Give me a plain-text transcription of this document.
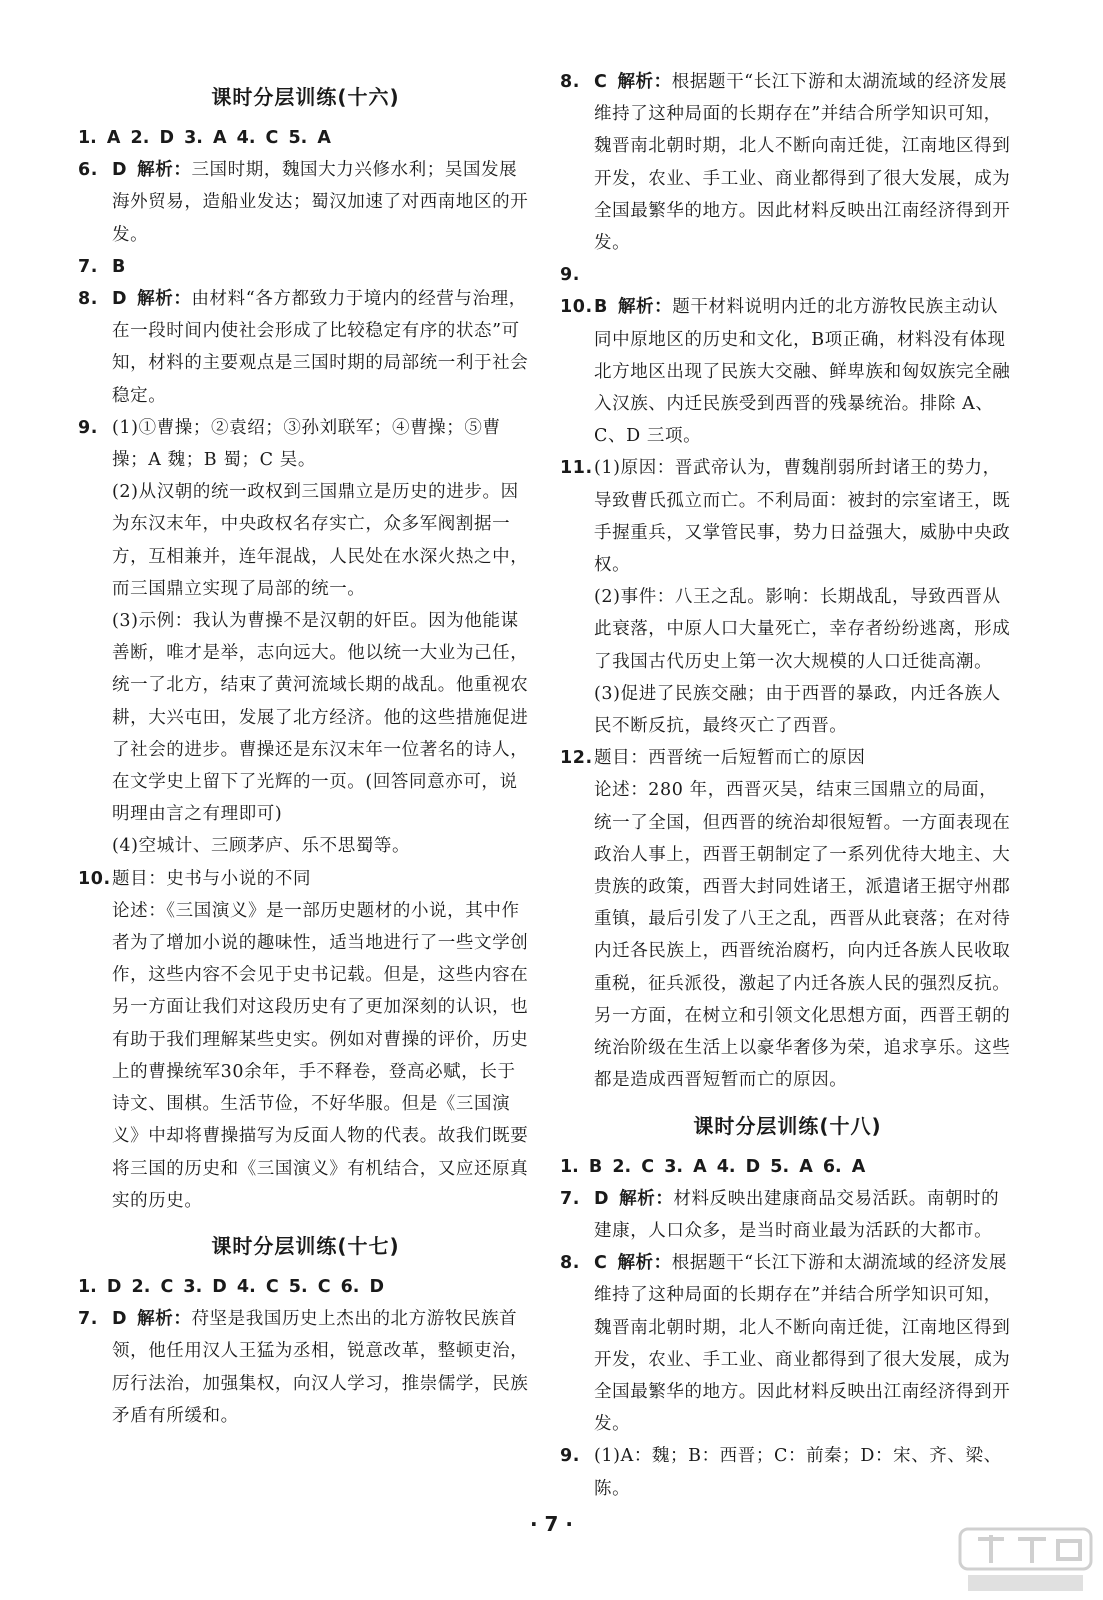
课时分层训练(十六)
1. A 2. D 3. A 4. C 5. A
6. D 解析：三国时期，魏国大力兴修水利；吴国发展海外贸易，造船业发达；蜀汉加速了对西南地区的开发。
7. B
8. D 解析：由材料“各方都致力于境内的经营与治理，在一段时间内使社会形成了比较稳定有序的状态”可知，材料的主要观点是三国时期的局部统一利于社会稳定。
9. (1)①曹操；②袁绍；③孙刘联军；④曹操；⑤曹操；A 魏；B 蜀；C 吴。

(2)从汉朝的统一政权到三国鼎立是历史的进步。因为东汉末年，中央政权名存实亡，众多军阀割据一方，互相兼并，连年混战，人民处在水深火热之中，而三国鼎立实现了局部的统一。

(3)示例：我认为曹操不是汉朝的奸臣。因为他能谋善断，唯才是举，志向远大。他以统一大业为己任，统一了北方，结束了黄河流域长期的战乱。他重视农耕，大兴屯田，发展了北方经济。他的这些措施促进了社会的进步。曹操还是东汉末年一位著名的诗人，在文学史上留下了光辉的一页。(回答同意亦可，说明理由言之有理即可)

(4)空城计、三顾茅庐、乐不思蜀等。

10. 题目：史书与小说的不同

论述：《三国演义》是一部历史题材的小说，其中作者为了增加小说的趣味性，适当地进行了一些文学创作，这些内容不会见于史书记载。但是，这些内容在另一方面让我们对这段历史有了更加深刻的认识，也有助于我们理解某些史实。例如对曹操的评价，历史上的曹操统军30余年，手不释卷，登高必赋，长于诗文、围棋。生活节俭，不好华服。但是《三国演义》中却将曹操描写为反面人物的代表。故我们既要将三国的历史和《三国演义》有机结合，又应还原真实的历史。

课时分层训练(十七)
1. D 2. C 3. D 4. C 5. C 6. D
7. D 解析：苻坚是我国历史上杰出的北方游牧民族首领，他任用汉人王猛为丞相，锐意改革，整顿吏治，厉行法治，加强集权，向汉人学习，推崇儒学，民族矛盾有所缓和。
8. C 解析：根据题干“长江下游和太湖流域的经济发展维持了这种局面的长期存在”并结合所学知识可知，魏晋南北朝时期，北人不断向南迁徙，江南地区得到开发，农业、手工业、商业都得到了很大发展，成为全国最繁华的地方。因此材料反映出江南经济得到开发。
9.
10. B 解析：题干材料说明内迁的北方游牧民族主动认同中原地区的历史和文化，B项正确，材料没有体现北方地区出现了民族大交融、鲜卑族和匈奴族完全融入汉族、内迁民族受到西晋的残暴统治。排除 A、C、D 三项。
11. (1)原因：晋武帝认为，曹魏削弱所封诸王的势力，导致曹氏孤立而亡。不利局面：被封的宗室诸王，既手握重兵，又掌管民事，势力日益强大，威胁中央政权。

(2)事件：八王之乱。影响：长期战乱，导致西晋从此衰落，中原人口大量死亡，幸存者纷纷逃离，形成了我国古代历史上第一次大规模的人口迁徙高潮。

(3)促进了民族交融；由于西晋的暴政，内迁各族人民不断反抗，最终灭亡了西晋。

12. 题目：西晋统一后短暂而亡的原因

论述：280 年，西晋灭吴，结束三国鼎立的局面，统一了全国，但西晋的统治却很短暂。一方面表现在政治人事上，西晋王朝制定了一系列优待大地主、大贵族的政策，西晋大封同姓诸王，派遣诸王据守州郡重镇，最后引发了八王之乱，西晋从此衰落；在对待内迁各民族上，西晋统治腐朽，向内迁各族人民收取重税，征兵派役，激起了内迁各族人民的强烈反抗。另一方面，在树立和引领文化思想方面，西晋王朝的统治阶级在生活上以豪华奢侈为荣，追求享乐。这些都是造成西晋短暂而亡的原因。

课时分层训练(十八)
1. B 2. C 3. A 4. D 5. A 6. A
7. D 解析：材料反映出建康商品交易活跃。南朝时的建康，人口众多，是当时商业最为活跃的大都市。
8. C 解析：根据题干“长江下游和太湖流域的经济发展维持了这种局面的长期存在”并结合所学知识可知，魏晋南北朝时期，北人不断向南迁徙，江南地区得到开发，农业、手工业、商业都得到了很大发展，成为全国最繁华的地方。因此材料反映出江南经济得到开发。
9. (1)A：魏；B：西晋；C：前秦；D：宋、齐、梁、陈。
· 7 ·
